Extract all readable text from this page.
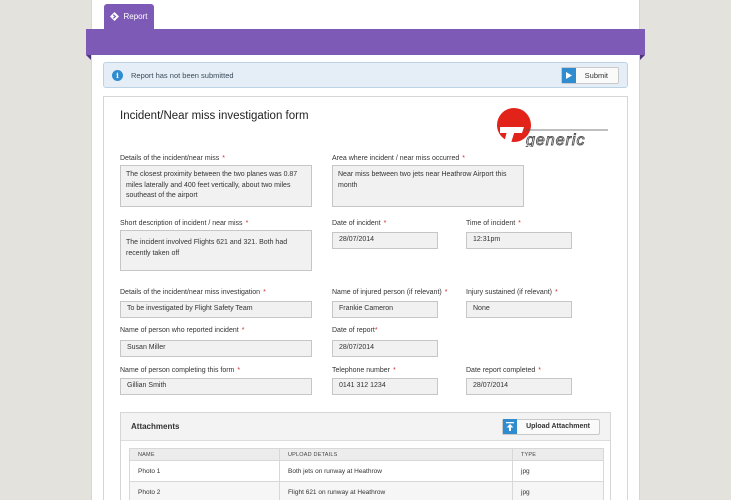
Report
i	Report has not been submitted	Submit
Incident/Near miss investigation form
generic
Details of the incident/near miss *
The closest proximity between the two planes was 0.87 miles laterally and 400 feet vertically, about two miles southeast of the airport
Area where incident / near miss occurred *
Near miss between two jets near Heathrow Airport this month
Short description of incident / near miss *
The incident involved Flights 621 and 321. Both had recently taken off
Date of incident *
28/07/2014
Time of incident *
12:31pm
Details of the incident/near miss investigation *
To be investigated by Flight Safety Team
Name of injured person (if relevant) *
Frankie Cameron
Injury sustained (if relevant) *
None
Name of person who reported incident *
Susan Miller
Date of report*
28/07/2014
Name of person completing this form *
Gillian Smith
Telephone number *
0141 312 1234
Date report completed *
28/07/2014
Attachments	Upload Attachment
NAME	UPLOAD DETAILS	TYPE
Photo 1	Both jets on runway at Heathrow	jpg
Photo 2	Flight 621 on runway at Heathrow	jpg
